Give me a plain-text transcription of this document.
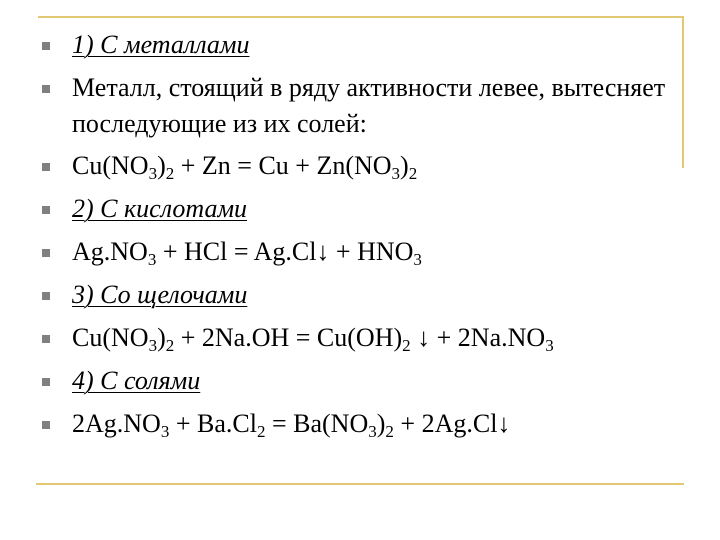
1) С металлами
Металл, стоящий в ряду активности левее, вытесняет последующие из их солей:
$Cu(NO_3)_2 + Zn = Cu + Zn(NO_3)_2$
2) С кислотами
$Ag.NO_3$ + HCl = Ag.Cl↓ + $HNO_3$
3) Со щелочами
$Cu(NO_3)_2 + 2Na.OH = Cu(OH)_2$ ↓ + $2Na.NO_3$
4) С солями
$2Ag.NO_3 + Ba.Cl_2 = Ba(NO_3)_2$ + 2Ag.Cl↓
